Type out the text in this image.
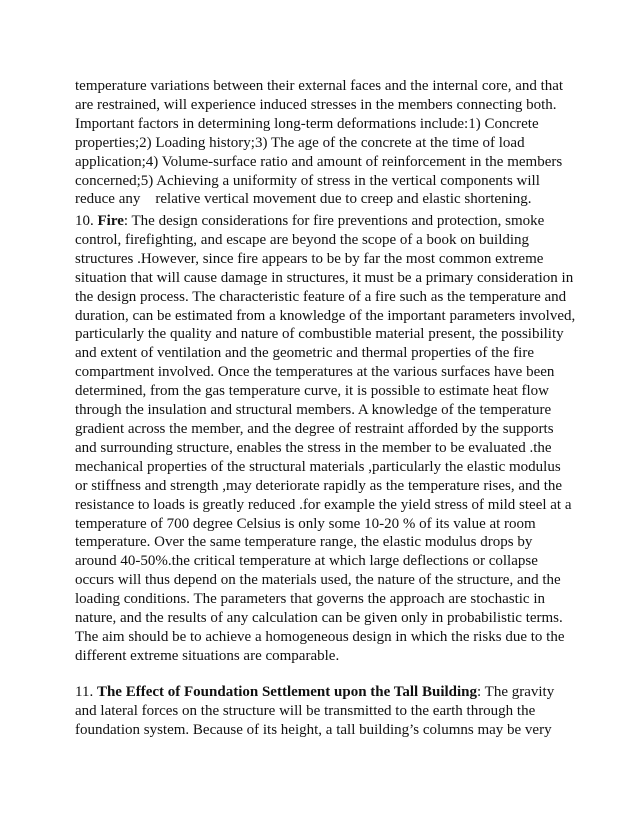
temperature variations between their external faces and the internal core, and that
are restrained, will experience induced stresses in the members connecting both.
Important factors in determining long-term deformations include:1) Concrete
properties;2) Loading history;3) The age of the concrete at the time of load
application;4) Volume-surface ratio and amount of reinforcement in the members
concerned;5) Achieving a uniformity of stress in the vertical components will
reduce any    relative vertical movement due to creep and elastic shortening.
10. Fire: The design considerations for fire preventions and protection, smoke
control, firefighting, and escape are beyond the scope of a book on building
structures .However, since fire appears to be by far the most common extreme
situation that will cause damage in structures, it must be a primary consideration in
the design process. The characteristic feature of a fire such as the temperature and
duration, can be estimated from a knowledge of the important parameters involved,
particularly the quality and nature of combustible material present, the possibility
and extent of ventilation and the geometric and thermal properties of the fire
compartment involved. Once the temperatures at the various surfaces have been
determined, from the gas temperature curve, it is possible to estimate heat flow
through the insulation and structural members. A knowledge of the temperature
gradient across the member, and the degree of restraint afforded by the supports
and surrounding structure, enables the stress in the member to be evaluated .the
mechanical properties of the structural materials ,particularly the elastic modulus
or stiffness and strength ,may deteriorate rapidly as the temperature rises, and the
resistance to loads is greatly reduced .for example the yield stress of mild steel at a
temperature of 700 degree Celsius is only some 10-20 % of its value at room
temperature. Over the same temperature range, the elastic modulus drops by
around 40-50%.the critical temperature at which large deflections or collapse
occurs will thus depend on the materials used, the nature of the structure, and the
loading conditions. The parameters that governs the approach are stochastic in
nature, and the results of any calculation can be given only in probabilistic terms.
The aim should be to achieve a homogeneous design in which the risks due to the
different extreme situations are comparable.
11. The Effect of Foundation Settlement upon the Tall Building: The gravity
and lateral forces on the structure will be transmitted to the earth through the
foundation system. Because of its height, a tall building’s columns may be very
